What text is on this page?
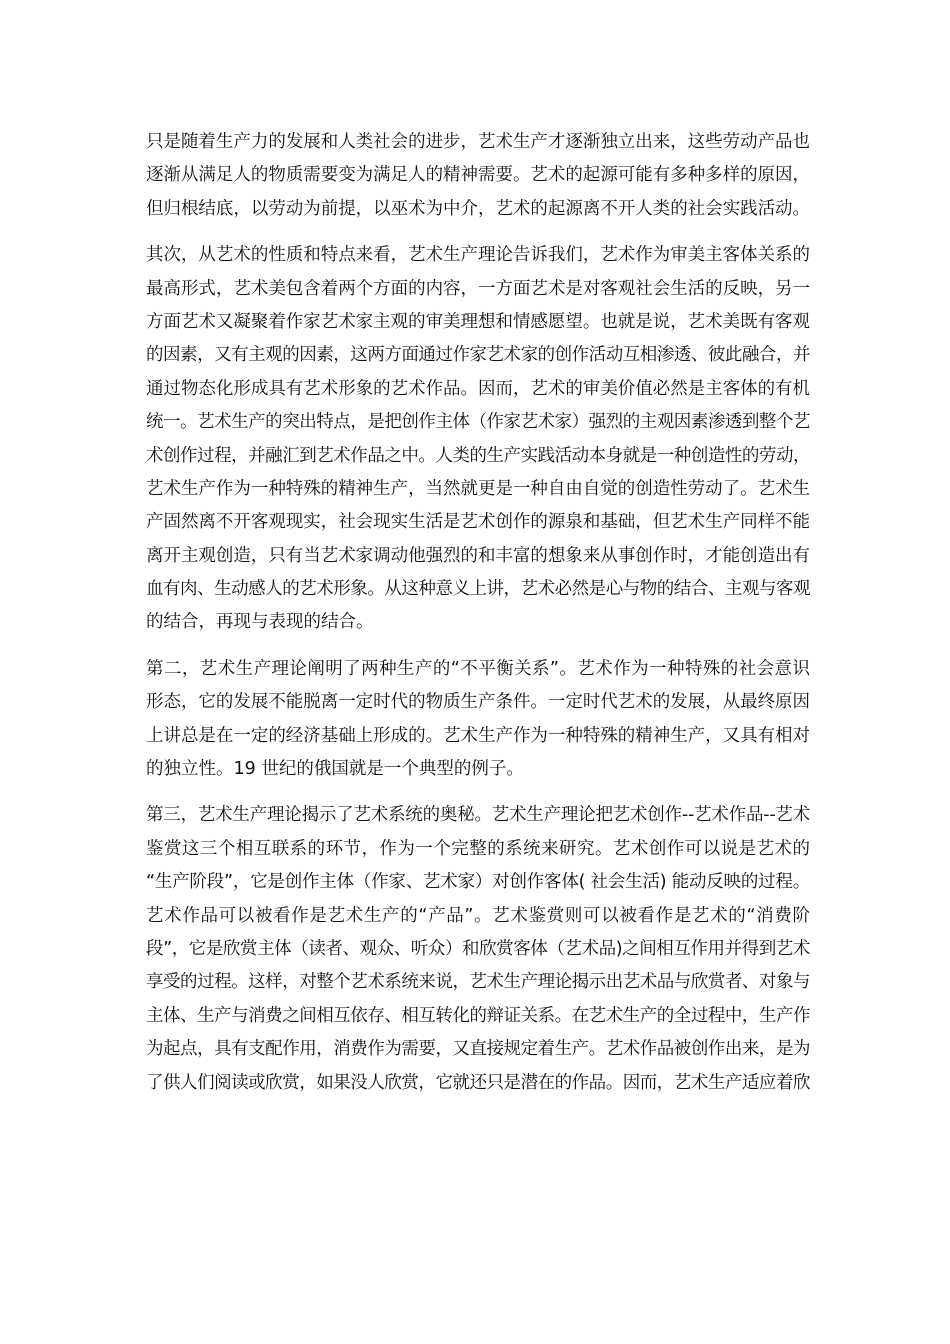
只是随着生产力的发展和人类社会的进步，艺术生产才逐渐独立出来，这些劳动产品也
逐渐从满足人的物质需要变为满足人的精神需要。艺术的起源可能有多种多样的原因，
但归根结底，以劳动为前提，以巫术为中介，艺术的起源离不开人类的社会实践活动。
其次，从艺术的性质和特点来看，艺术生产理论告诉我们，艺术作为审美主客体关系的
最高形式，艺术美包含着两个方面的内容，一方面艺术是对客观社会生活的反映，另一
方面艺术又凝聚着作家艺术家主观的审美理想和情感愿望。也就是说，艺术美既有客观
的因素，又有主观的因素，这两方面通过作家艺术家的创作活动互相渗透、彼此融合，并
通过物态化形成具有艺术形象的艺术作品。因而，艺术的审美价值必然是主客体的有机
统一。艺术生产的突出特点，是把创作主体（作家艺术家）强烈的主观因素渗透到整个艺
术创作过程，并融汇到艺术作品之中。人类的生产实践活动本身就是一种创造性的劳动，
艺术生产作为一种特殊的精神生产，当然就更是一种自由自觉的创造性劳动了。艺术生
产固然离不开客观现实，社会现实生活是艺术创作的源泉和基础，但艺术生产同样不能
离开主观创造，只有当艺术家调动他强烈的和丰富的想象来从事创作时，才能创造出有
血有肉、生动感人的艺术形象。从这种意义上讲，艺术必然是心与物的结合、主观与客观
的结合，再现与表现的结合。
第二，艺术生产理论阐明了两种生产的“不平衡关系”。艺术作为一种特殊的社会意识
形态，它的发展不能脱离一定时代的物质生产条件。一定时代艺术的发展，从最终原因
上讲总是在一定的经济基础上形成的。艺术生产作为一种特殊的精神生产，又具有相对
的独立性。19 世纪的俄国就是一个典型的例子。
第三，艺术生产理论揭示了艺术系统的奥秘。艺术生产理论把艺术创作--艺术作品--艺术
鉴赏这三个相互联系的环节，作为一个完整的系统来研究。艺术创作可以说是艺术的
“生产阶段”，它是创作主体（作家、艺术家）对创作客体( 社会生活) 能动反映的过程。
艺术作品可以被看作是艺术生产的“产品”。艺术鉴赏则可以被看作是艺术的“消费阶
段”，它是欣赏主体（读者、观众、听众）和欣赏客体（艺术品)之间相互作用并得到艺术
享受的过程。这样，对整个艺术系统来说，艺术生产理论揭示出艺术品与欣赏者、对象与
主体、生产与消费之间相互依存、相互转化的辩证关系。在艺术生产的全过程中，生产作
为起点，具有支配作用，消费作为需要，又直接规定着生产。艺术作品被创作出来，是为
了供人们阅读或欣赏，如果没人欣赏，它就还只是潜在的作品。因而，艺术生产适应着欣
